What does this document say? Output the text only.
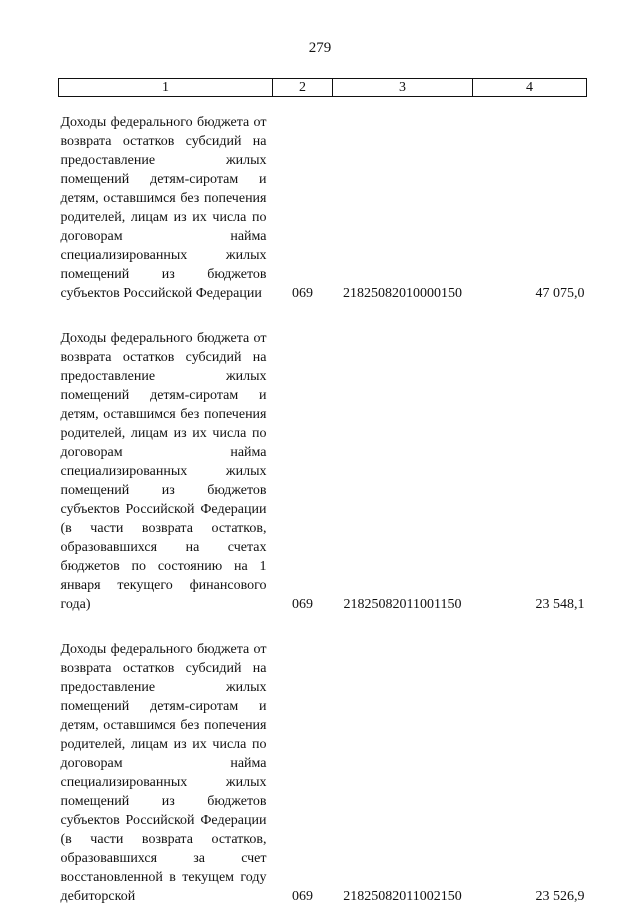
279
1	2	3	4
Доходы федерального бюджета от возврата остатков субсидий на предоставление жилых помещений детям-сиротам и детям, оставшимся без попечения родителей, лицам из их числа по договорам найма специализированных жилых помещений из бюджетов субъектов Российской Федерации	069	21825082010000150	47 075,0

Доходы федерального бюджета от возврата остатков субсидий на предоставление жилых помещений детям-сиротам и детям, оставшимся без попечения родителей, лицам из их числа по договорам найма специализированных жилых помещений из бюджетов субъектов Российской Федерации (в части возврата остатков, образовавшихся на счетах бюджетов по состоянию на 1 января текущего финансового года)	069	21825082011001150	23 548,1

Доходы федерального бюджета от возврата остатков субсидий на предоставление жилых помещений детям-сиротам и детям, оставшимся без попечения родителей, лицам из их числа по договорам найма специализированных жилых помещений из бюджетов субъектов Российской Федерации (в части возврата остатков, образовавшихся за счет восстановленной в текущем году дебиторской	069	21825082011002150	23 526,9
